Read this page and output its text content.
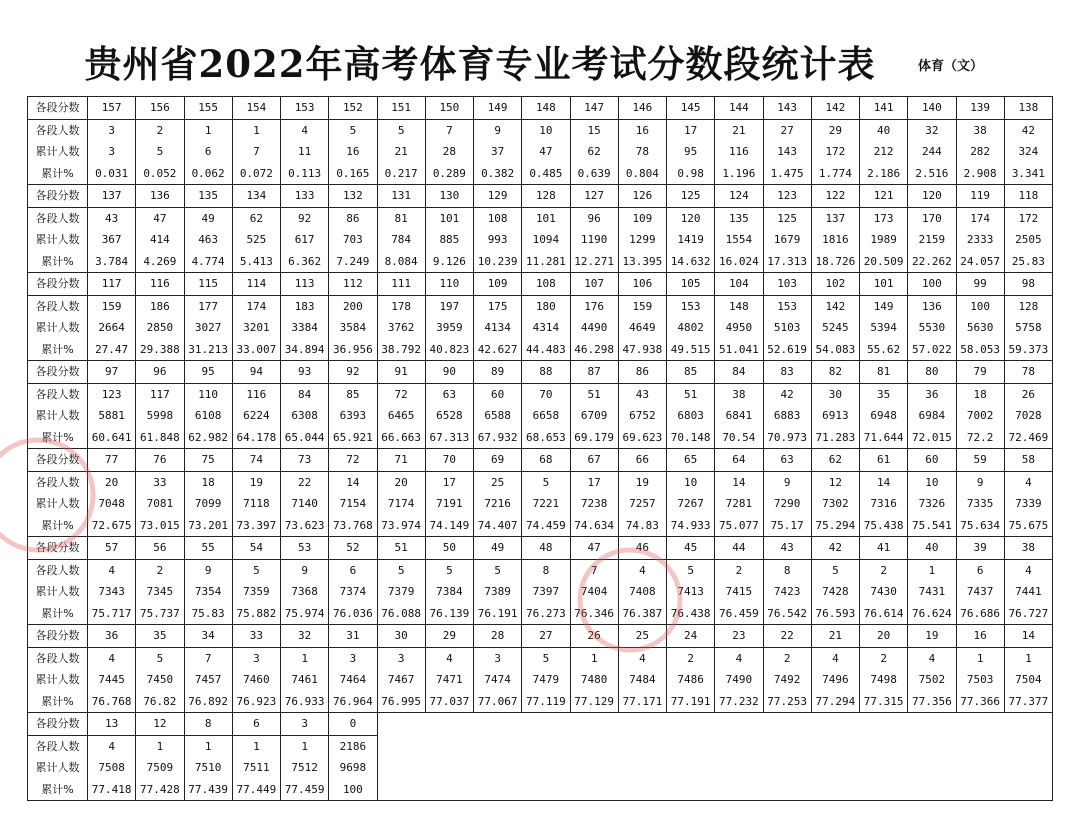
贵州省2022年高考体育专业考试分数段统计表	体育（文）
各段分数	157	156	155	154	153	152	151	150	149	148	147	146	145	144	143	142	141	140	139	138
各段人数	3	2	1	1	4	5	5	7	9	10	15	16	17	21	27	29	40	32	38	42
累计人数	3	5	6	7	11	16	21	28	37	47	62	78	95	116	143	172	212	244	282	324
累计%	0.031	0.052	0.062	0.072	0.113	0.165	0.217	0.289	0.382	0.485	0.639	0.804	0.98	1.196	1.475	1.774	2.186	2.516	2.908	3.341
各段分数	137	136	135	134	133	132	131	130	129	128	127	126	125	124	123	122	121	120	119	118
各段人数	43	47	49	62	92	86	81	101	108	101	96	109	120	135	125	137	173	170	174	172
累计人数	367	414	463	525	617	703	784	885	993	1094	1190	1299	1419	1554	1679	1816	1989	2159	2333	2505
累计%	3.784	4.269	4.774	5.413	6.362	7.249	8.084	9.126	10.239	11.281	12.271	13.395	14.632	16.024	17.313	18.726	20.509	22.262	24.057	25.83
各段分数	117	116	115	114	113	112	111	110	109	108	107	106	105	104	103	102	101	100	99	98
各段人数	159	186	177	174	183	200	178	197	175	180	176	159	153	148	153	142	149	136	100	128
累计人数	2664	2850	3027	3201	3384	3584	3762	3959	4134	4314	4490	4649	4802	4950	5103	5245	5394	5530	5630	5758
累计%	27.47	29.388	31.213	33.007	34.894	36.956	38.792	40.823	42.627	44.483	46.298	47.938	49.515	51.041	52.619	54.083	55.62	57.022	58.053	59.373
各段分数	97	96	95	94	93	92	91	90	89	88	87	86	85	84	83	82	81	80	79	78
各段人数	123	117	110	116	84	85	72	63	60	70	51	43	51	38	42	30	35	36	18	26
累计人数	5881	5998	6108	6224	6308	6393	6465	6528	6588	6658	6709	6752	6803	6841	6883	6913	6948	6984	7002	7028
累计%	60.641	61.848	62.982	64.178	65.044	65.921	66.663	67.313	67.932	68.653	69.179	69.623	70.148	70.54	70.973	71.283	71.644	72.015	72.2	72.469
各段分数	77	76	75	74	73	72	71	70	69	68	67	66	65	64	63	62	61	60	59	58
各段人数	20	33	18	19	22	14	20	17	25	5	17	19	10	14	9	12	14	10	9	4
累计人数	7048	7081	7099	7118	7140	7154	7174	7191	7216	7221	7238	7257	7267	7281	7290	7302	7316	7326	7335	7339
累计%	72.675	73.015	73.201	73.397	73.623	73.768	73.974	74.149	74.407	74.459	74.634	74.83	74.933	75.077	75.17	75.294	75.438	75.541	75.634	75.675
各段分数	57	56	55	54	53	52	51	50	49	48	47	46	45	44	43	42	41	40	39	38
各段人数	4	2	9	5	9	6	5	5	5	8	7	4	5	2	8	5	2	1	6	4
累计人数	7343	7345	7354	7359	7368	7374	7379	7384	7389	7397	7404	7408	7413	7415	7423	7428	7430	7431	7437	7441
累计%	75.717	75.737	75.83	75.882	75.974	76.036	76.088	76.139	76.191	76.273	76.346	76.387	76.438	76.459	76.542	76.593	76.614	76.624	76.686	76.727
各段分数	36	35	34	33	32	31	30	29	28	27	26	25	24	23	22	21	20	19	16	14
各段人数	4	5	7	3	1	3	3	4	3	5	1	4	2	4	2	4	2	4	1	1
累计人数	7445	7450	7457	7460	7461	7464	7467	7471	7474	7479	7480	7484	7486	7490	7492	7496	7498	7502	7503	7504
累计%	76.768	76.82	76.892	76.923	76.933	76.964	76.995	77.037	77.067	77.119	77.129	77.171	77.191	77.232	77.253	77.294	77.315	77.356	77.366	77.377
各段分数	13	12	8	6	3	0														
各段人数	4	1	1	1	1	2186														
累计人数	7508	7509	7510	7511	7512	9698														
累计%	77.418	77.428	77.439	77.449	77.459	100														
